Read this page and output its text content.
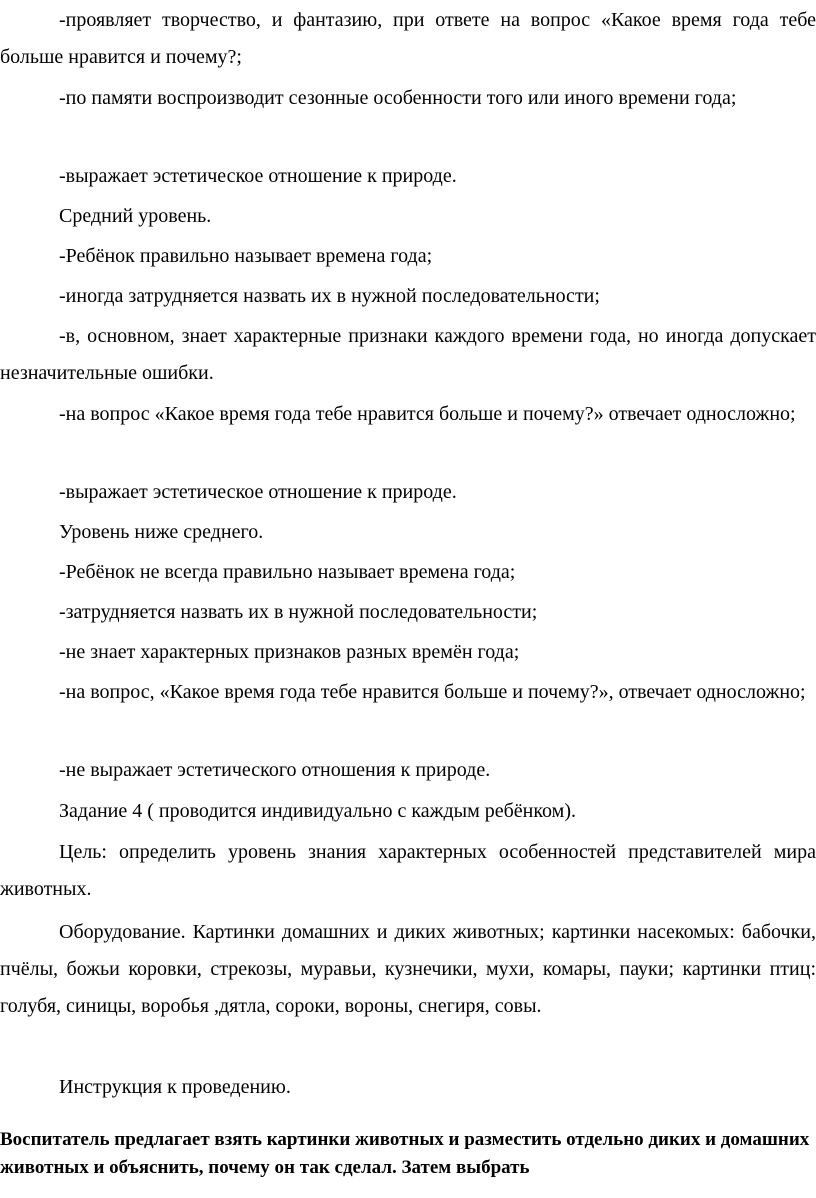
-проявляет творчество, и фантазию, при ответе на вопрос «Какое время года тебе больше нравится и почему?;

-по памяти воспроизводит сезонные особенности того или иного времени года;

-выражает эстетическое отношение к природе.

Средний уровень.

-Ребёнок правильно называет времена года;

-иногда затрудняется назвать их в нужной последовательности;

-в, основном, знает характерные признаки каждого времени года, но иногда допускает незначительные ошибки.

-на вопрос «Какое время года тебе нравится больше и почему?» отвечает односложно;

-выражает эстетическое отношение к природе.

Уровень ниже среднего.

-Ребёнок не всегда правильно называет времена года;

-затрудняется назвать их в нужной последовательности;

-не знает характерных признаков разных времён года;

-на вопрос, «Какое время года тебе нравится больше и почему?», отвечает односложно;

-не выражает эстетического отношения к природе.

Задание 4 ( проводится индивидуально с каждым ребёнком).

Цель: определить уровень знания характерных особенностей представителей мира животных.

Оборудование. Картинки домашних и диких животных; картинки насекомых: бабочки, пчёлы, божьи коровки, стрекозы, муравьи, кузнечики, мухи, комары, пауки; картинки птиц: голубя, синицы, воробья ,дятла, сороки, вороны, снегиря, совы.

Инструкция к проведению.

Воспитатель предлагает взять картинки животных и разместить отдельно диких и домашних животных и объяснить, почему он так сделал. Затем выбрать
